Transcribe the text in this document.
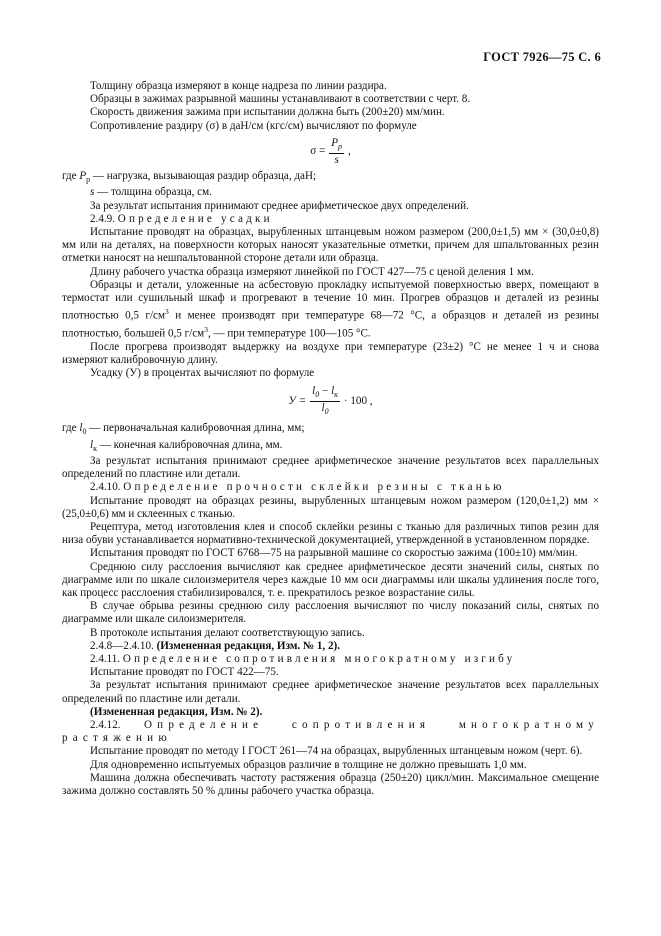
ГОСТ 7926—75 С. 6

Толщину образца измеряют в конце надреза по линии раздира.

Образцы в зажимах разрывной машины устанавливают в соответствии с черт. 8.

Скорость движения зажима при испытании должна быть (200±20) мм/мин.

Сопротивление раздиру (σ) в даН/см (кгс/см) вычисляют по формуле

$\sigma = \frac{P_p}{s}$ ,
где $P_p$ — нагрузка, вызывающая раздир образца, даН;
s — толщина образца, см.

За результат испытания принимают среднее арифметическое двух определений.

2.4.9. Определение усадки

Испытание проводят на образцах, вырубленных штанцевым ножом размером (200,0±1,5) мм × (30,0±0,8) мм или на деталях, на поверхности которых наносят указательные отметки, причем для шпальтованных резин отметки наносят на нешпальтованной стороне детали или образца.

Длину рабочего участка образца измеряют линейкой по ГОСТ 427—75 с ценой деления 1 мм.

Образцы и детали, уложенные на асбестовую прокладку испытуемой поверхностью вверх, помещают в термостат или сушильный шкаф и прогревают в течение 10 мин. Прогрев образцов и деталей из резины плотностью 0,5 $г/см^3$ и менее производят при температуре 68—72 °С, а образцов и деталей из резины плотностью, большей 0,5 $г/см^3$, — при температуре 100—105 °С.

После прогрева производят выдержку на воздухе при температуре (23±2) °С не менее 1 ч и снова измеряют калибровочную длину.

Усадку (У) в процентах вычисляют по формуле

$У = \frac{l_0 - l_к}{l_0} \cdot 100$ ,
где $l_0$ — первоначальная калибровочная длина, мм;
$l_к$ — конечная калибровочная длина, мм.

За результат испытания принимают среднее арифметическое значение результатов всех параллельных определений по пластине или детали.

2.4.10. Определение прочности склейки резины с тканью

Испытание проводят на образцах резины, вырубленных штанцевым ножом размером (120,0±1,2) мм × (25,0±0,6) мм и склеенных с тканью.

Рецептура, метод изготовления клея и способ склейки резины с тканью для различных типов резин для низа обуви устанавливается нормативно-технической документацией, утвержденной в установленном порядке.

Испытания проводят по ГОСТ 6768—75 на разрывной машине со скоростью зажима (100±10) мм/мин.

Среднюю силу расслоения вычисляют как среднее арифметическое десяти значений силы, снятых по диаграмме или по шкале силоизмерителя через каждые 10 мм оси диаграммы или шкалы удлинения после того, как процесс расслоения стабилизировался, т. е. прекратилось резкое возрастание силы.

В случае обрыва резины среднюю силу расслоения вычисляют по числу показаний силы, снятых по диаграмме или шкале силоизмерителя.

В протоколе испытания делают соответствующую запись.

2.4.8—2.4.10. (Измененная редакция, Изм. № 1, 2).

2.4.11. Определение сопротивления многократному изгибу

Испытание проводят по ГОСТ 422—75.

За результат испытания принимают среднее арифметическое значение результатов всех параллельных определений по пластине или детали.

(Измененная редакция, Изм. № 2).

2.4.12. Определение сопротивления многократному растяжению

Испытание проводят по методу I ГОСТ 261—74 на образцах, вырубленных штанцевым ножом (черт. 6).

Для одновременно испытуемых образцов различие в толщине не должно превышать 1,0 мм.

Машина должна обеспечивать частоту растяжения образца (250±20) цикл/мин. Максимальное смещение зажима должно составлять 50 % длины рабочего участка образца.
